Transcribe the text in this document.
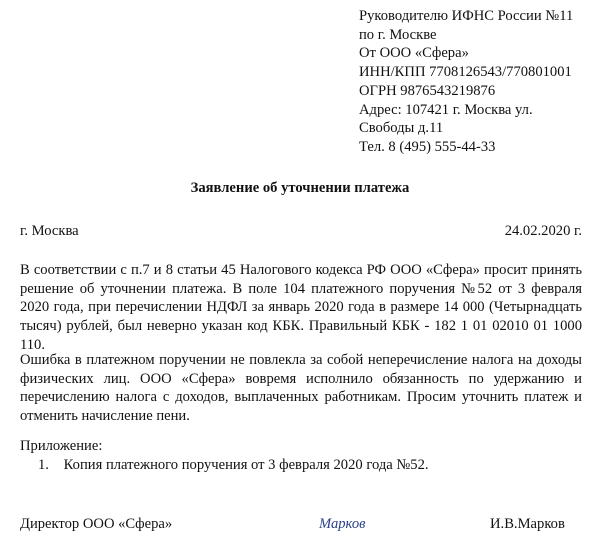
Руководителю ИФНС России №11
по г. Москве
От ООО «Сфера»
ИНН/КПП 7708126543/770801001
ОГРН 9876543219876
Адрес: 107421 г. Москва ул.
Свободы д.11
Тел. 8 (495) 555-44-33
Заявление об уточнении платежа
г. Москва	24.02.2020 г.

В соответствии с п.7 и 8 статьи 45 Налогового кодекса РФ ООО «Сфера» просит принять решение об уточнении платежа. В поле 104 платежного поручения №52 от 3 февраля 2020 года, при перечислении НДФЛ за январь 2020 года в размере 14 000 (Четырнадцать тысяч) рублей, был неверно указан код КБК. Правильный КБК - 182 1 01 02010 01 1000 110.

Ошибка в платежном поручении не повлекла за собой неперечисление налога на доходы физических лиц. ООО «Сфера» вовремя исполнило обязанность по удержанию и перечислению налога с доходов, выплаченных работникам. Просим уточнить платеж и отменить начисление пени.

Приложение:
1. Копия платежного поручения от 3 февраля 2020 года №52.
Директор ООО «Сфера»	Марков	И.В.Марков
